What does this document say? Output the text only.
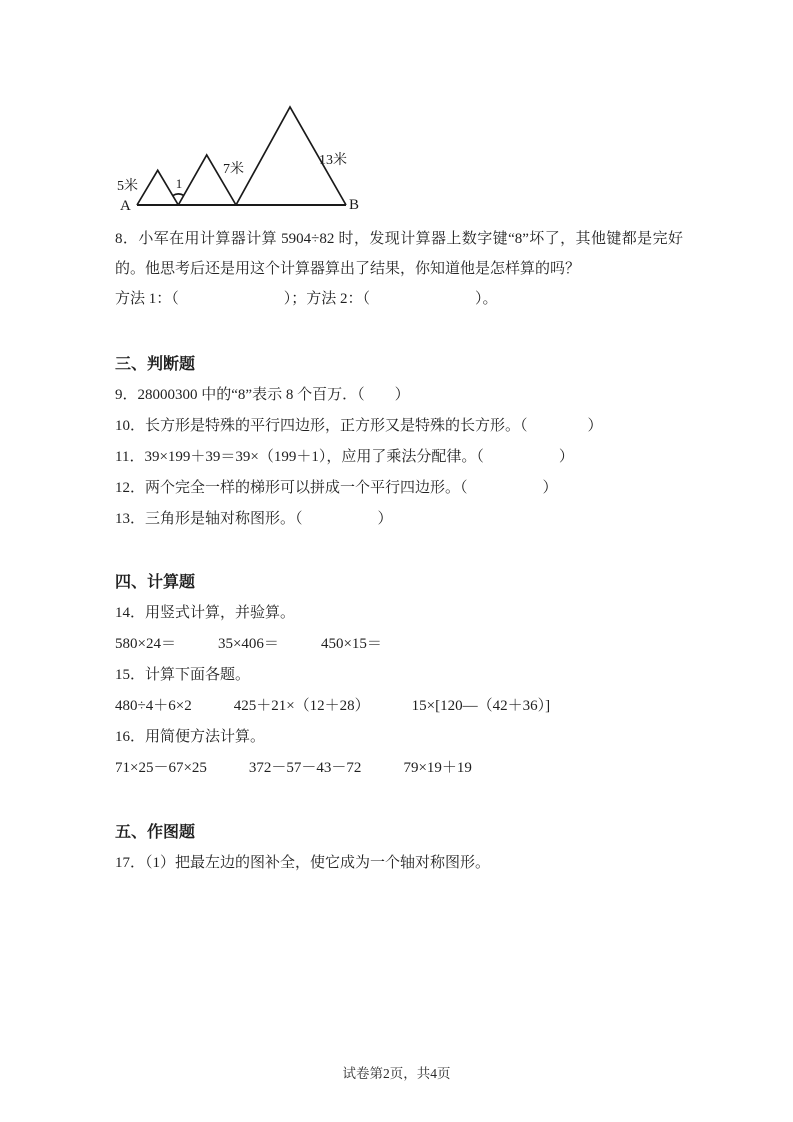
5米	1
7米
13米
A	B

8．小军在用计算器计算 5904÷82 时，发现计算器上数字键“8”坏了，其他键都是完好的。他思考后还是用这个计算器算出了结果，你知道他是怎样算的吗？

方法 1：（　　　　　　　）；方法 2：（　　　　　　　）。

三、判断题
9．28000300 中的“8”表示 8 个百万．（　　）
10．长方形是特殊的平行四边形，正方形又是特殊的长方形。（　　　　）
11．39×199＋39＝39×（199＋1），应用了乘法分配律。（　　　　　）
12．两个完全一样的梯形可以拼成一个平行四边形。（　　　　　）
13．三角形是轴对称图形。（　　　　　）
四、计算题
14．用竖式计算，并验算。
580×24＝	35×406＝	450×15＝
15．计算下面各题。
480÷4＋6×2	425＋21×（12＋28）	15×[120—（42＋36）]
16．用简便方法计算。
71×25－67×25	372－57－43－72	79×19＋19
五、作图题
17．（1）把最左边的图补全，使它成为一个轴对称图形。
试卷第2页，共4页
